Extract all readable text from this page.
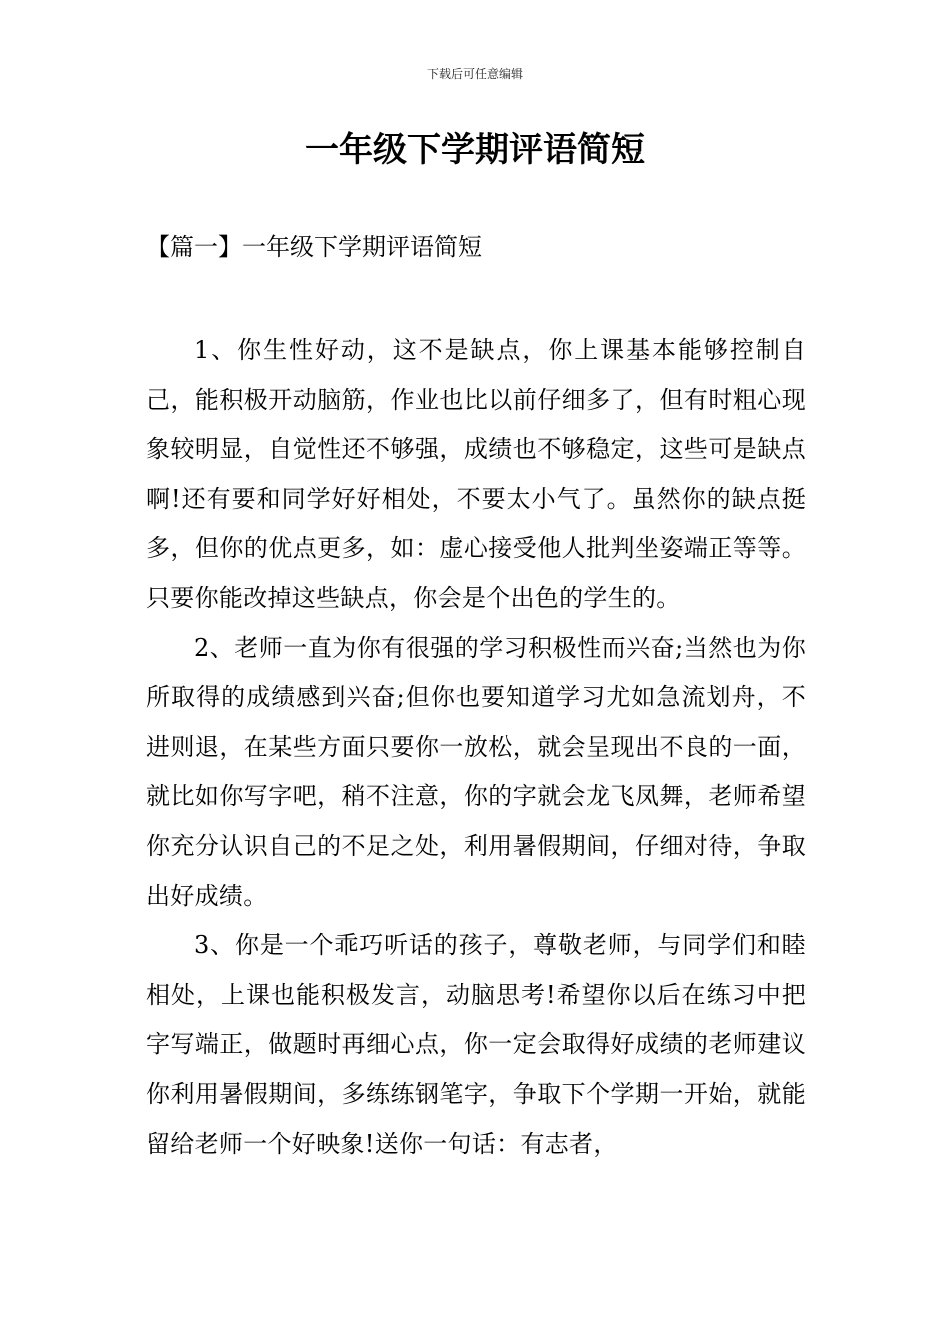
下载后可任意编辑
一年级下学期评语简短
【篇一】一年级下学期评语简短

1、你生性好动，这不是缺点，你上课基本能够控制自己，能积极开动脑筋，作业也比以前仔细多了，但有时粗心现象较明显，自觉性还不够强，成绩也不够稳定，这些可是缺点啊!还有要和同学好好相处，不要太小气了。虽然你的缺点挺多，但你的优点更多，如：虚心接受他人批判坐姿端正等等。只要你能改掉这些缺点，你会是个出色的学生的。

2、老师一直为你有很强的学习积极性而兴奋;当然也为你所取得的成绩感到兴奋;但你也要知道学习尤如急流划舟，不进则退，在某些方面只要你一放松，就会呈现出不良的一面，就比如你写字吧，稍不注意，你的字就会龙飞凤舞，老师希望你充分认识自己的不足之处，利用暑假期间，仔细对待，争取出好成绩。

3、你是一个乖巧听话的孩子，尊敬老师，与同学们和睦相处，上课也能积极发言，动脑思考!希望你以后在练习中把字写端正，做题时再细心点，你一定会取得好成绩的老师建议你利用暑假期间，多练练钢笔字，争取下个学期一开始，就能留给老师一个好映象!送你一句话：有志者，
